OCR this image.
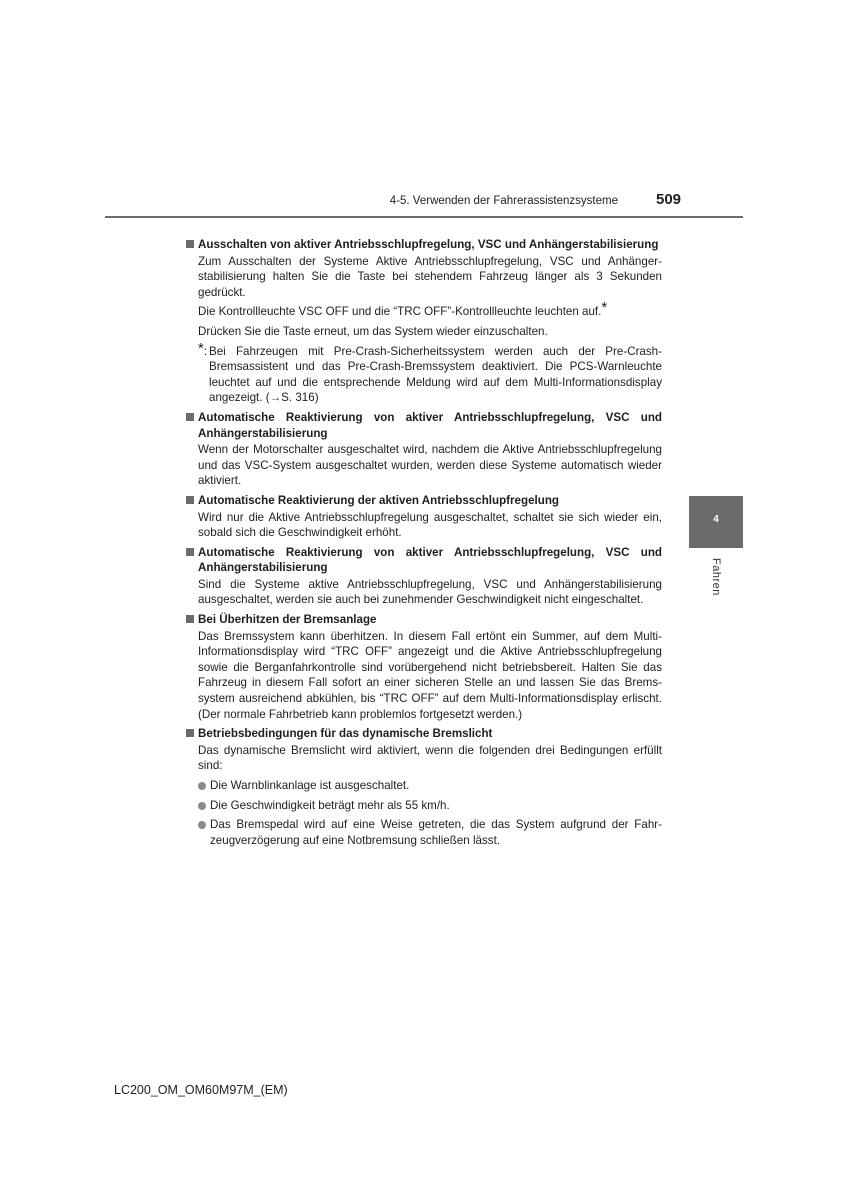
4-5. Verwenden der Fahrerassistenzsysteme	509
4
Fahren
Ausschalten von aktiver Antriebsschlupfregelung, VSC und Anhängerstabilisierung
Zum Ausschalten der Systeme Aktive Antriebsschlupfregelung, VSC und Anhängerstabilisierung halten Sie die Taste bei stehendem Fahrzeug länger als 3 Sekunden gedrückt.
Die Kontrollleuchte VSC OFF und die “TRC OFF”-Kontrollleuchte leuchten auf.*
Drücken Sie die Taste erneut, um das System wieder einzuschalten.
*: Bei Fahrzeugen mit Pre-Crash-Sicherheitssystem werden auch der Pre-Crash-Bremsassistent und das Pre-Crash-Bremssystem deaktiviert. Die PCS-Warnleuchte leuchtet auf und die entsprechende Meldung wird auf dem Multi-Informationsdisplay angezeigt. (→S. 316)
Automatische Reaktivierung von aktiver Antriebsschlupfregelung, VSC und Anhängerstabilisierung
Wenn der Motorschalter ausgeschaltet wird, nachdem die Aktive Antriebsschlupfregelung und das VSC-System ausgeschaltet wurden, werden diese Systeme automatisch wieder aktiviert.
Automatische Reaktivierung der aktiven Antriebsschlupfregelung
Wird nur die Aktive Antriebsschlupfregelung ausgeschaltet, schaltet sie sich wieder ein, sobald sich die Geschwindigkeit erhöht.
Automatische Reaktivierung von aktiver Antriebsschlupfregelung, VSC und Anhängerstabilisierung
Sind die Systeme aktive Antriebsschlupfregelung, VSC und Anhängerstabilisierung ausgeschaltet, werden sie auch bei zunehmender Geschwindigkeit nicht eingeschaltet.
Bei Überhitzen der Bremsanlage
Das Bremssystem kann überhitzen. In diesem Fall ertönt ein Summer, auf dem Multi-Informationsdisplay wird “TRC OFF” angezeigt und die Aktive Antriebsschlupfregelung sowie die Berganfahrkontrolle sind vorübergehend nicht betriebsbereit. Halten Sie das Fahrzeug in diesem Fall sofort an einer sicheren Stelle an und lassen Sie das Bremssystem ausreichend abkühlen, bis “TRC OFF” auf dem Multi-Informationsdisplay erlischt. (Der normale Fahrbetrieb kann problemlos fortgesetzt werden.)
Betriebsbedingungen für das dynamische Bremslicht
Das dynamische Bremslicht wird aktiviert, wenn die folgenden drei Bedingungen erfüllt sind:
Die Warnblinkanlage ist ausgeschaltet.
Die Geschwindigkeit beträgt mehr als 55 km/h.
Das Bremspedal wird auf eine Weise getreten, die das System aufgrund der Fahrzeugverzögerung auf eine Notbremsung schließen lässt.
LC200_OM_OM60M97M_(EM)
